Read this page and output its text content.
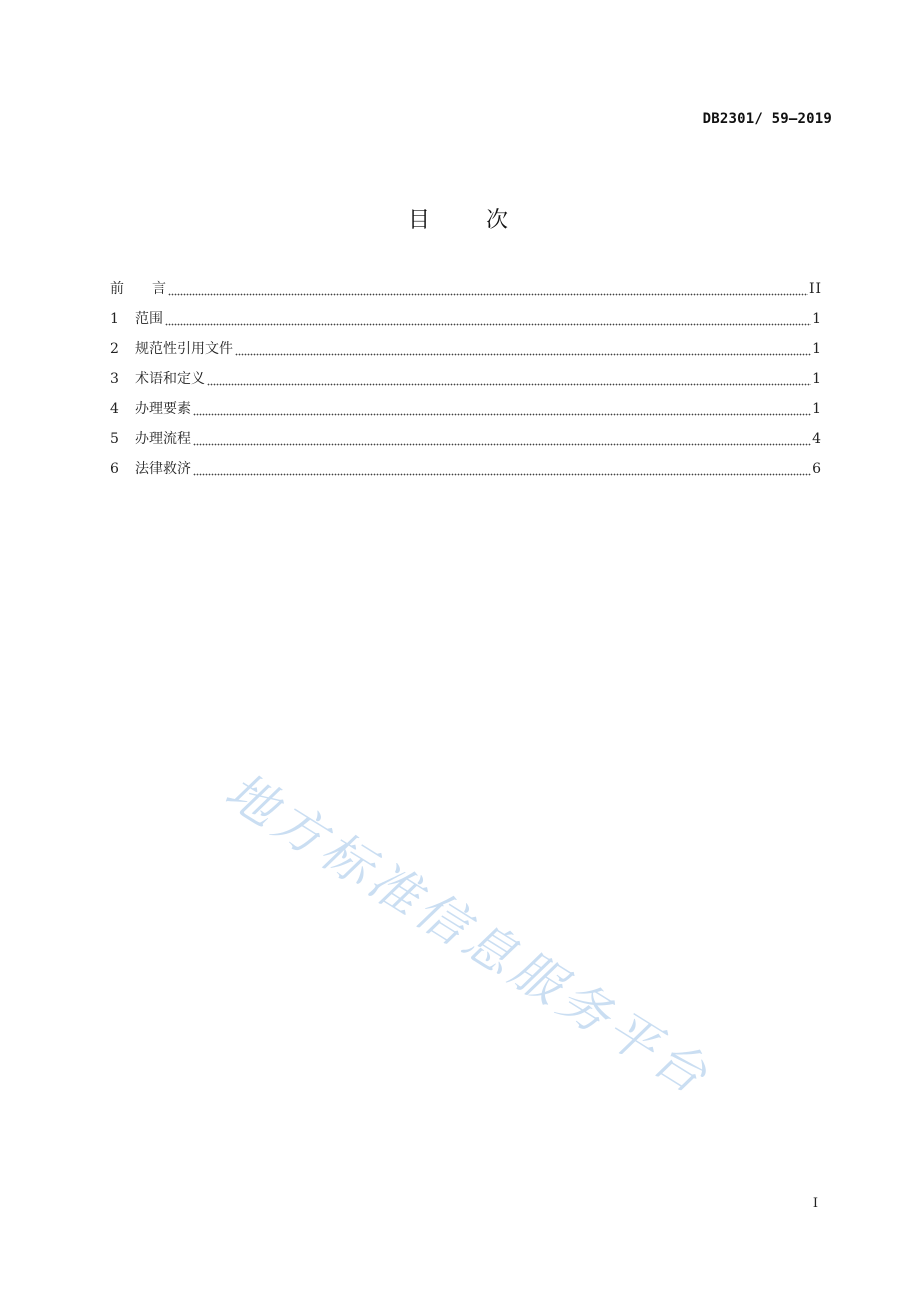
DB2301/ 59—2019
目　　次
前　　言	II
1	范围	1
2	规范性引用文件	1
3	术语和定义	1
4	办理要素	1
5	办理流程	4
6	法律救济	6
地方标准信息服务平台
I
